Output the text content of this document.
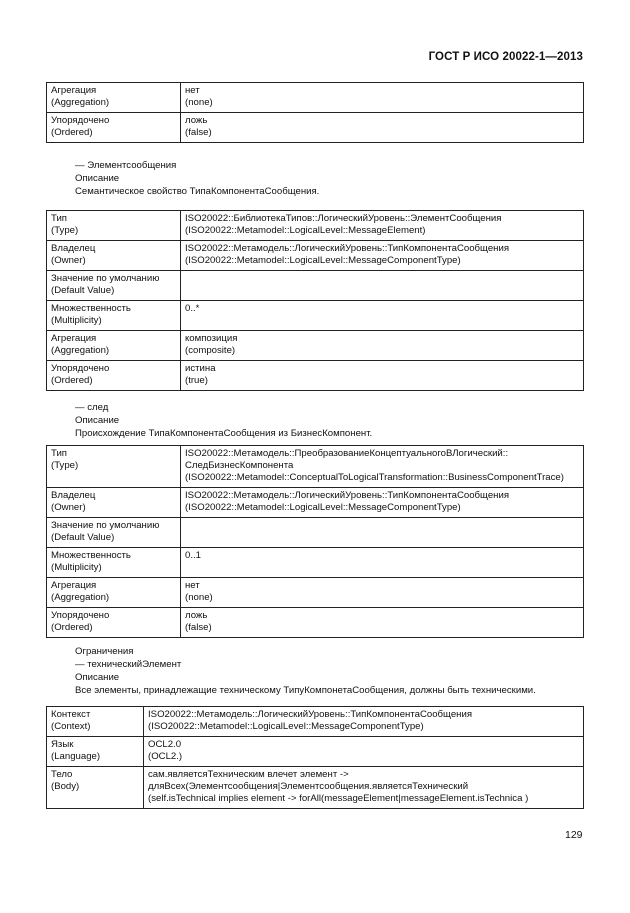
ГОСТ Р ИСО 20022-1—2013
Агрегация
(Aggregation)	нет
(none)
Упорядочено
(Ordered)	ложь
(false)
— Элементсообщения
Описание
Семантическое свойство ТипаКомпонентаСообщения.
Тип
(Type)	ISO20022::БиблиотекаТипов::ЛогическийУровень::ЭлементСообщения
(ISO20022::Metamodel::LogicalLevel::MessageElement)
Владелец
(Owner)	ISO20022::Метамодель::ЛогическийУровень::ТипКомпонентаСообщения
(ISO20022::Metamodel::LogicalLevel::MessageComponentType)
Значение по умолчанию
(Default Value)	
Множественность
(Multiplicity)	0..*
Агрегация
(Aggregation)	композиция
(composite)
Упорядочено
(Ordered)	истина
(true)
— след
Описание
Происхождение ТипаКомпонентаСообщения из БизнесКомпонент.
Тип
(Type)	ISO20022::Метамодель::ПреобразованиеКонцептуальногоВЛогический::
СледБизнесКомпонента
(ISO20022::Metamodel::ConceptualToLogicalTransformation::BusinessComponentTrace)
Владелец
(Owner)	ISO20022::Метамодель::ЛогическийУровень::ТипКомпонентаСообщения
(ISO20022::Metamodel::LogicalLevel::MessageComponentType)
Значение по умолчанию
(Default Value)	
Множественность
(Multiplicity)	0..1
Агрегация
(Aggregation)	нет
(none)
Упорядочено
(Ordered)	ложь
(false)
Ограничения
— техническийЭлемент
Описание
Все элементы, принадлежащие техническому ТипуКомпонетаСообщения, должны быть техническими.
Контекст
(Context)	ISO20022::Метамодель::ЛогическийУровень::ТипКомпонентаСообщения
(ISO20022::Metamodel::LogicalLevel::MessageComponentType)
Язык
(Language)	OCL2.0
(OCL2.)
Тело
(Body)	сам.являетсяТехническим влечет элемент ->
дляВсех(Элементсообщения|Элементсообщения.являетсяТехнический
(self.isTechnical implies element -> forAll(messageElement|messageElement.isTechnica )
129
